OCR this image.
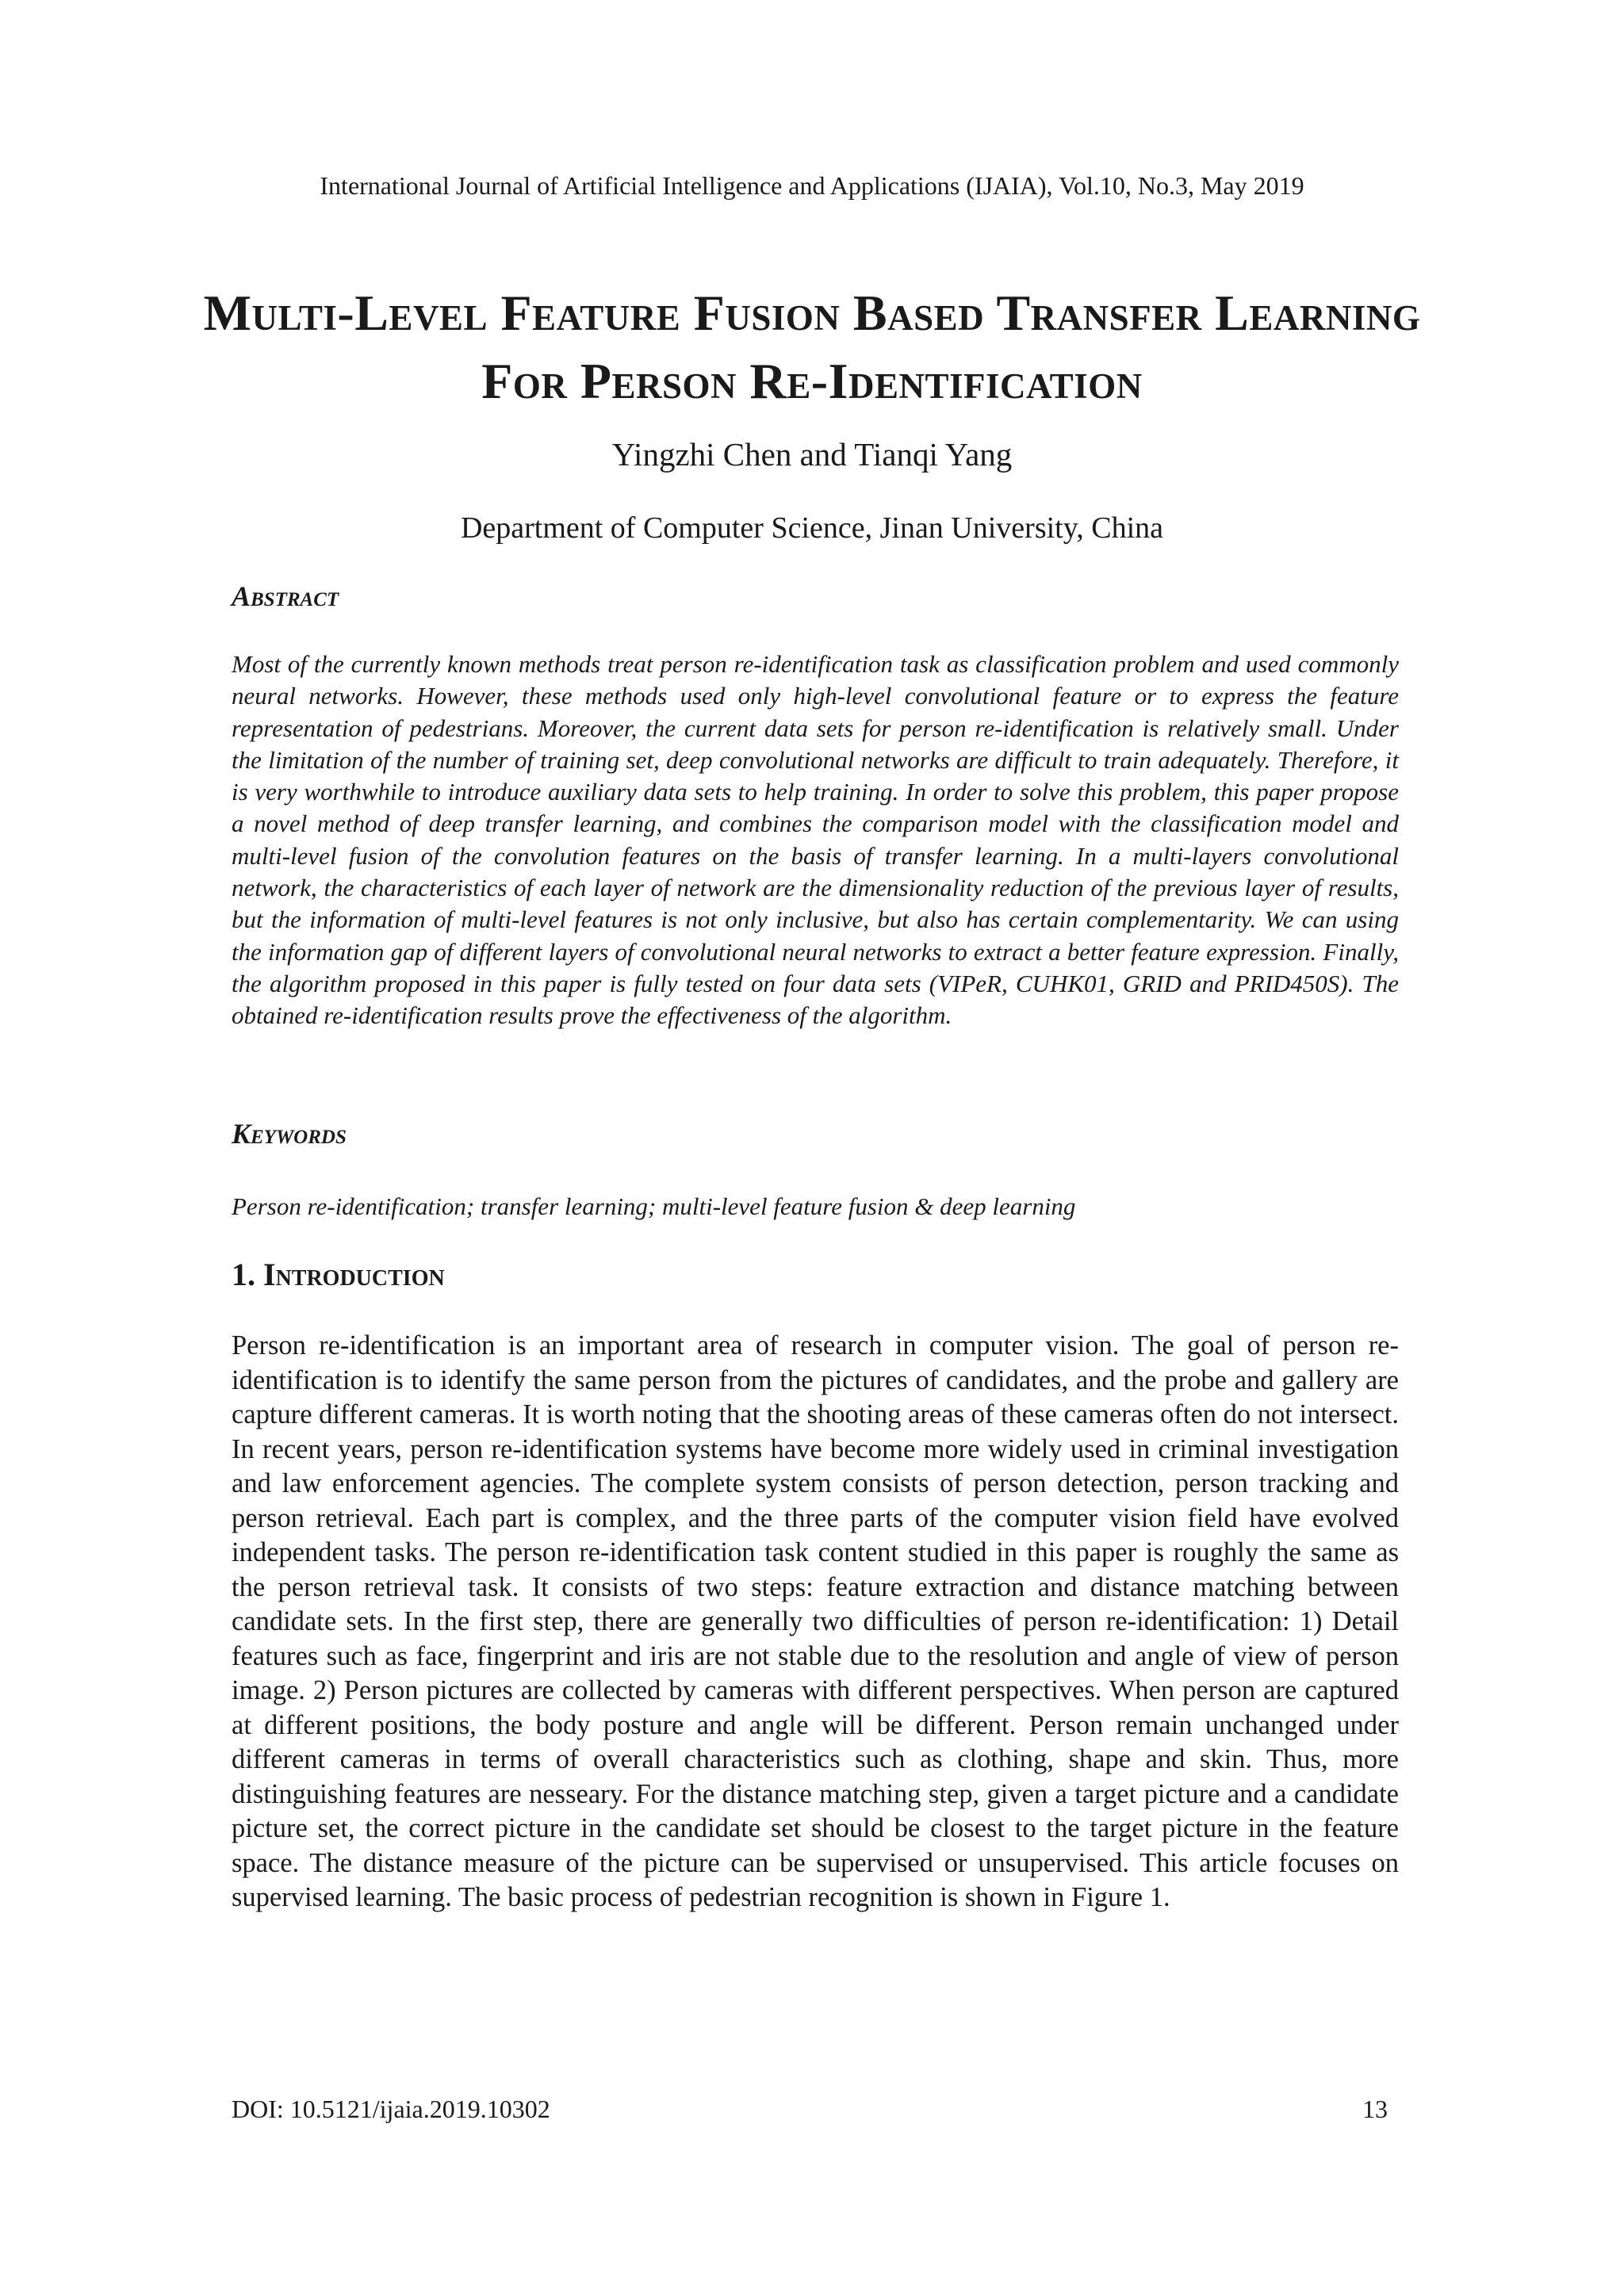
International Journal of Artificial Intelligence and Applications (IJAIA), Vol.10, No.3, May 2019
Multi-Level Feature Fusion Based Transfer Learning For Person Re-Identification
Yingzhi Chen and Tianqi Yang
Department of Computer Science, Jinan University, China
Abstract

Most of the currently known methods treat person re-identification task as classification problem and used commonly neural networks. However, these methods used only high-level convolutional feature or to express the feature representation of pedestrians. Moreover, the current data sets for person re-identification is relatively small. Under the limitation of the number of training set, deep convolutional networks are difficult to train adequately. Therefore, it is very worthwhile to introduce auxiliary data sets to help training. In order to solve this problem, this paper propose a novel method of deep transfer learning, and combines the comparison model with the classification model and multi-level fusion of the convolution features on the basis of transfer learning. In a multi-layers convolutional network, the characteristics of each layer of network are the dimensionality reduction of the previous layer of results, but the information of multi-level features is not only inclusive, but also has certain complementarity. We can using the information gap of different layers of convolutional neural networks to extract a better feature expression. Finally, the algorithm proposed in this paper is fully tested on four data sets (VIPeR, CUHK01, GRID and PRID450S). The obtained re-identification results prove the effectiveness of the algorithm.

Keywords

Person re-identification; transfer learning; multi-level feature fusion & deep learning

1. Introduction

Person re-identification is an important area of research in computer vision. The goal of person re-identification is to identify the same person from the pictures of candidates, and the probe and gallery are capture different cameras. It is worth noting that the shooting areas of these cameras often do not intersect. In recent years, person re-identification systems have become more widely used in criminal investigation and law enforcement agencies. The complete system consists of person detection, person tracking and person retrieval. Each part is complex, and the three parts of the computer vision field have evolved independent tasks. The person re-identification task content studied in this paper is roughly the same as the person retrieval task. It consists of two steps: feature extraction and distance matching between candidate sets. In the first step, there are generally two difficulties of person re-identification: 1) Detail features such as face, fingerprint and iris are not stable due to the resolution and angle of view of person image. 2) Person pictures are collected by cameras with different perspectives. When person are captured at different positions, the body posture and angle will be different. Person remain unchanged under different cameras in terms of overall characteristics such as clothing, shape and skin. Thus, more distinguishing features are nesseary. For the distance matching step, given a target picture and a candidate picture set, the correct picture in the candidate set should be closest to the target picture in the feature space. The distance measure of the picture can be supervised or unsupervised. This article focuses on supervised learning. The basic process of pedestrian recognition is shown in Figure 1.

DOI: 10.5121/ijaia.2019.10302	13
